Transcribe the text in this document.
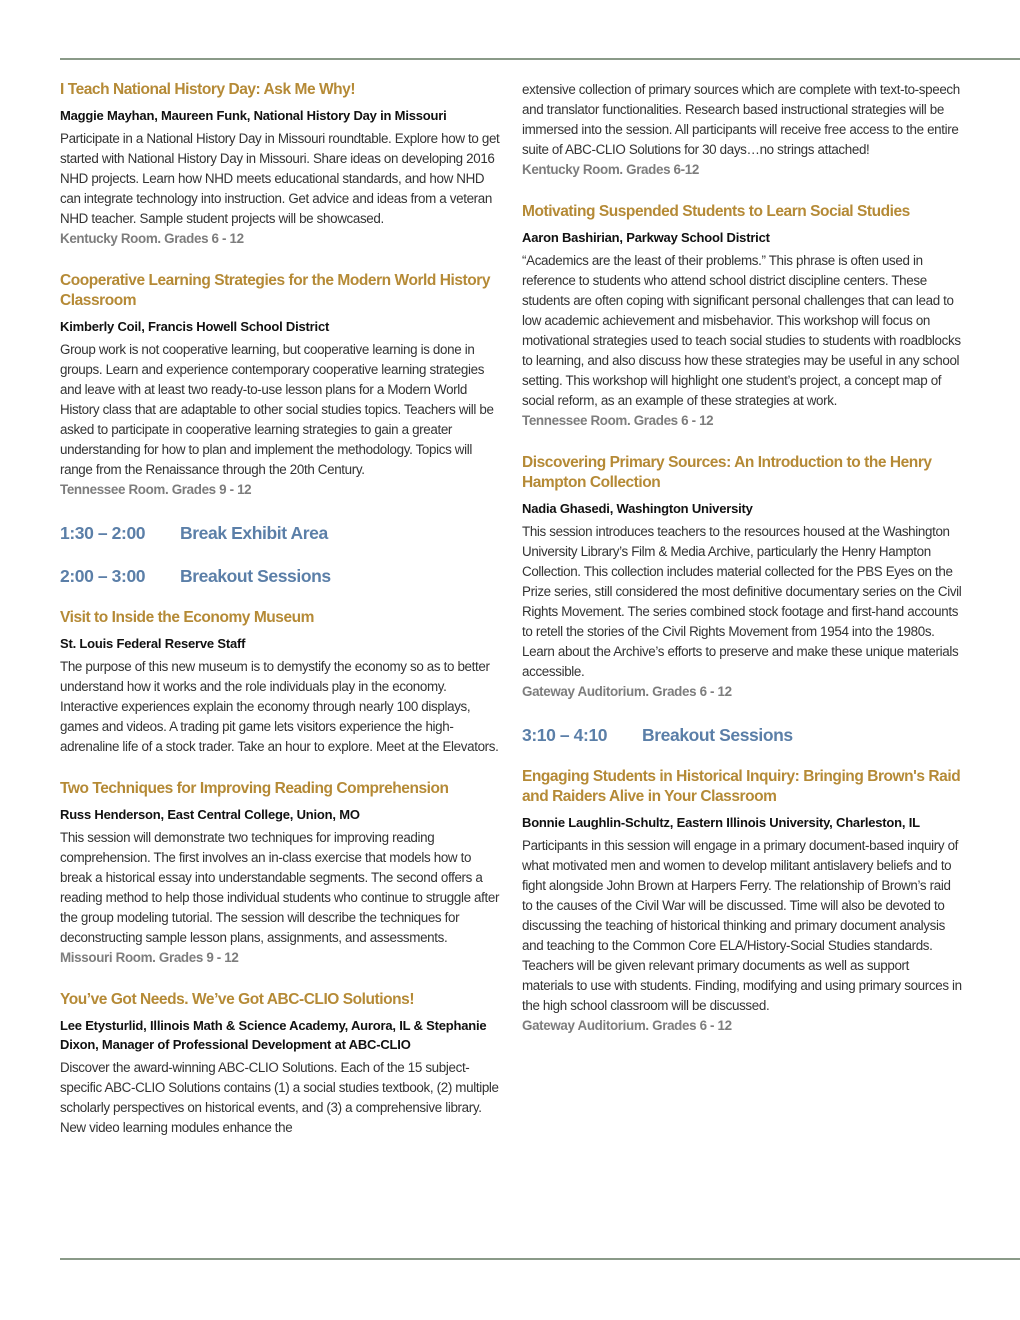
I Teach National History Day: Ask Me Why!
Maggie Mayhan, Maureen Funk, National History Day in Missouri
Participate in a National History Day in Missouri roundtable. Explore how to get started with National History Day in Missouri. Share ideas on developing 2016 NHD projects. Learn how NHD meets educational standards, and how NHD can integrate technology into instruction. Get advice and ideas from a veteran NHD teacher. Sample student projects will be showcased.
Kentucky Room. Grades 6 - 12
Cooperative Learning Strategies for the Modern World History Classroom
Kimberly Coil, Francis Howell School District
Group work is not cooperative learning, but cooperative learning is done in groups. Learn and experience contemporary cooperative learning strategies and leave with at least two ready-to-use lesson plans for a Modern World History class that are adaptable to other social studies topics. Teachers will be asked to participate in cooperative learning strategies to gain a greater understanding for how to plan and implement the methodology. Topics will range from the Renaissance through the 20th Century.
Tennessee Room. Grades 9 - 12
1:30 – 2:00	Break Exhibit Area
2:00 – 3:00	Breakout Sessions
Visit to Inside the Economy Museum
St. Louis Federal Reserve Staff
The purpose of this new museum is to demystify the economy so as to better understand how it works and the role individuals play in the economy. Interactive experiences explain the economy through nearly 100 displays, games and videos. A trading pit game lets visitors experience the high-adrenaline life of a stock trader. Take an hour to explore. Meet at the Elevators.
Two Techniques for Improving Reading Comprehension
Russ Henderson, East Central College, Union, MO
This session will demonstrate two techniques for improving reading comprehension. The first involves an in-class exercise that models how to break a historical essay into understandable segments. The second offers a reading method to help those individual students who continue to struggle after the group modeling tutorial. The session will describe the techniques for deconstructing sample lesson plans, assignments, and assessments.
Missouri Room. Grades 9 - 12
You’ve Got Needs. We’ve Got ABC-CLIO Solutions!
Lee Etysturlid, Illinois Math & Science Academy, Aurora, IL & Stephanie Dixon, Manager of Professional Development at ABC-CLIO
Discover the award-winning ABC-CLIO Solutions. Each of the 15 subject-specific ABC-CLIO Solutions contains (1) a social studies textbook, (2) multiple scholarly perspectives on historical events, and (3) a comprehensive library. New video learning modules enhance the
extensive collection of primary sources which are complete with text-to-speech and translator functionalities. Research based instructional strategies will be immersed into the session. All participants will receive free access to the entire suite of ABC-CLIO Solutions for 30 days…no strings attached!
Kentucky Room. Grades 6-12
Motivating Suspended Students to Learn Social Studies
Aaron Bashirian, Parkway School District
“Academics are the least of their problems.” This phrase is often used in reference to students who attend school district discipline centers. These students are often coping with significant personal challenges that can lead to low academic achievement and misbehavior. This workshop will focus on motivational strategies used to teach social studies to students with roadblocks to learning, and also discuss how these strategies may be useful in any school setting. This workshop will highlight one student’s project, a concept map of social reform, as an example of these strategies at work.
Tennessee Room. Grades 6 - 12
Discovering Primary Sources: An Introduction to the Henry Hampton Collection
Nadia Ghasedi, Washington University
This session introduces teachers to the resources housed at the Washington University Library’s Film & Media Archive, particularly the Henry Hampton Collection. This collection includes material collected for the PBS Eyes on the Prize series, still considered the most definitive documentary series on the Civil Rights Movement. The series combined stock footage and first-hand accounts to retell the stories of the Civil Rights Movement from 1954 into the 1980s. Learn about the Archive’s efforts to preserve and make these unique materials accessible.
Gateway Auditorium. Grades 6 - 12
3:10 – 4:10	Breakout Sessions
Engaging Students in Historical Inquiry: Bringing Brown's Raid and Raiders Alive in Your Classroom
Bonnie Laughlin-Schultz, Eastern Illinois University, Charleston, IL
Participants in this session will engage in a primary document-based inquiry of what motivated men and women to develop militant antislavery beliefs and to fight alongside John Brown at Harpers Ferry. The relationship of Brown’s raid to the causes of the Civil War will be discussed. Time will also be devoted to discussing the teaching of historical thinking and primary document analysis and teaching to the Common Core ELA/History-Social Studies standards. Teachers will be given relevant primary documents as well as support materials to use with students. Finding, modifying and using primary sources in the high school classroom will be discussed.
Gateway Auditorium. Grades 6 - 12
